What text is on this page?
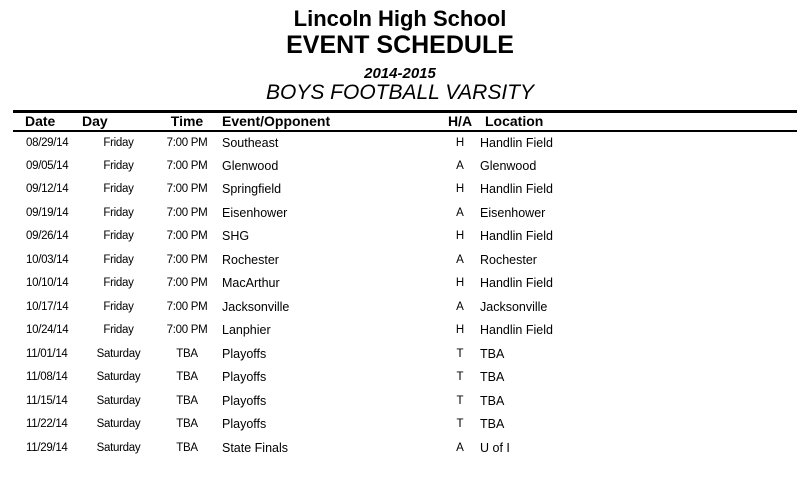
Lincoln High School
EVENT SCHEDULE
2014-2015
BOYS FOOTBALL VARSITY
Date	Day	Time	Event/Opponent	H/A	Location
08/29/14	Friday	7:00 PM	Southeast	H	Handlin Field
09/05/14	Friday	7:00 PM	Glenwood	A	Glenwood
09/12/14	Friday	7:00 PM	Springfield	H	Handlin Field
09/19/14	Friday	7:00 PM	Eisenhower	A	Eisenhower
09/26/14	Friday	7:00 PM	SHG	H	Handlin Field
10/03/14	Friday	7:00 PM	Rochester	A	Rochester
10/10/14	Friday	7:00 PM	MacArthur	H	Handlin Field
10/17/14	Friday	7:00 PM	Jacksonville	A	Jacksonville
10/24/14	Friday	7:00 PM	Lanphier	H	Handlin Field
11/01/14	Saturday	TBA	Playoffs	T	TBA
11/08/14	Saturday	TBA	Playoffs	T	TBA
11/15/14	Saturday	TBA	Playoffs	T	TBA
11/22/14	Saturday	TBA	Playoffs	T	TBA
11/29/14	Saturday	TBA	State Finals	A	U of I
